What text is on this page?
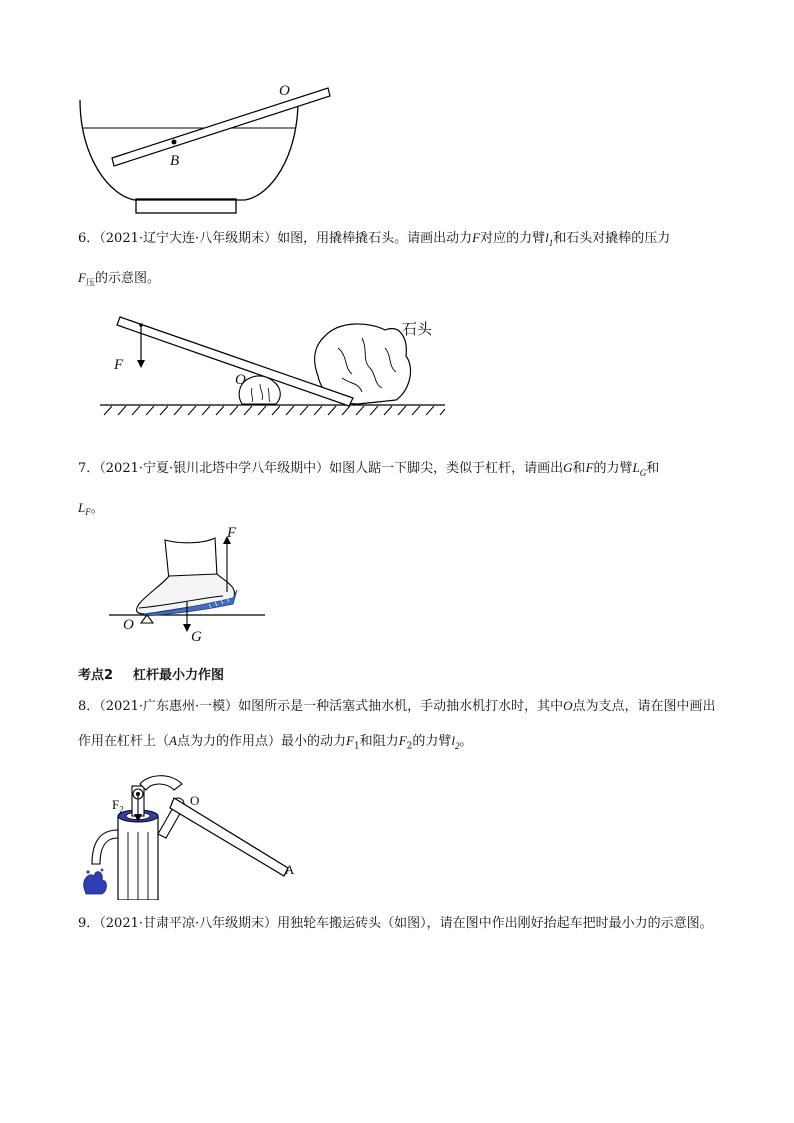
O
B
6．（2021·辽宁大连·八年级期末）如图，用撬棒撬石头。请画出动力F对应的力臂$l_1$和石头对撬棒的压力
$F_压$的示意图。
F
O
石头
7．（2021·宁夏·银川北塔中学八年级期中）如图人踮一下脚尖，类似于杠杆，请画出G和F的力臂$L_G$和
$L_F$。
F
O
G
考点2 杠杆最小力作图
8．（2021·广东惠州·一模）如图所示是一种活塞式抽水机，手动抽水机打水时，其中O点为支点，请在图中画出作用在杠杆上（A点为力的作用点）最小的动力$F_1$和阻力$F_2$的力臂$l_2$。
$F_2$
O
A
9．（2021·甘肃平凉·八年级期末）用独轮车搬运砖头（如图），请在图中作出刚好抬起车把时最小力的示意图。
